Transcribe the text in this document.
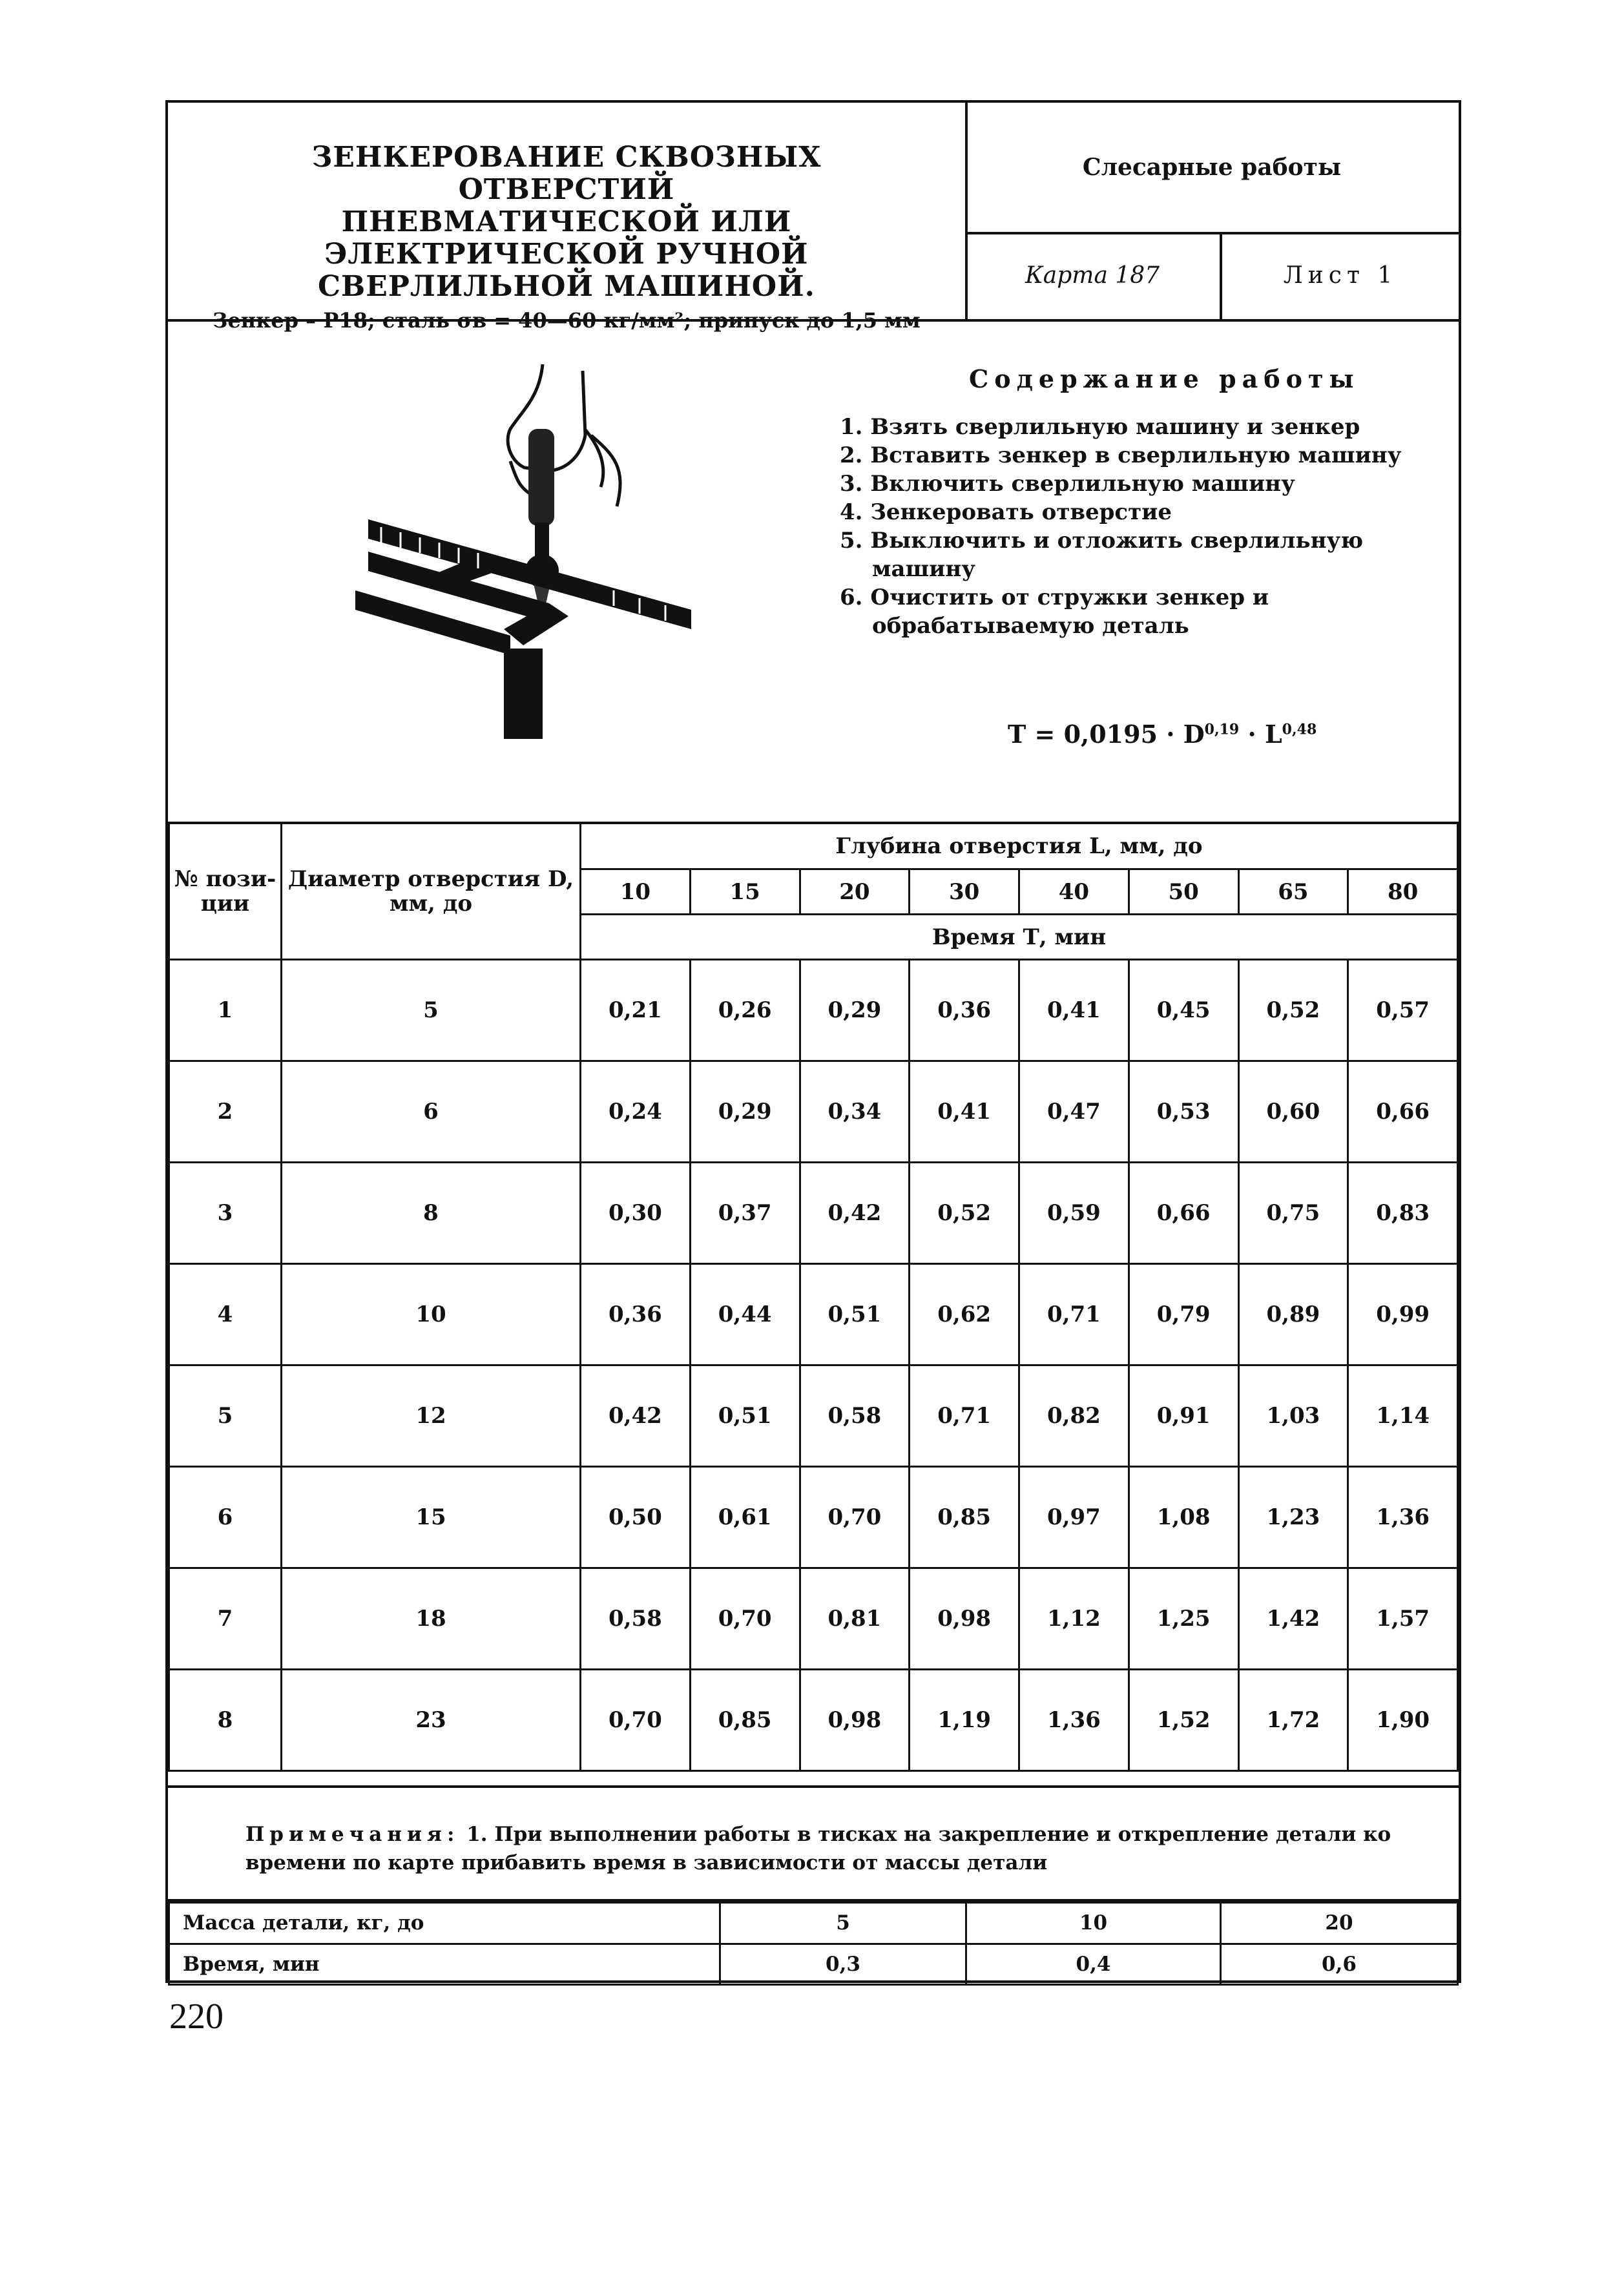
ЗЕНКЕРОВАНИЕ СКВОЗНЫХ ОТВЕРСТИЙ
ПНЕВМАТИЧЕСКОЙ ИЛИ ЭЛЕКТРИЧЕСКОЙ РУЧНОЙ
СВЕРЛИЛЬНОЙ МАШИНОЙ.
Зенкер – Р18; сталь σв = 40—60 кг/мм²; припуск до 1,5 мм
Слесарные работы
Карта 187	Лист 1
Содержание работы
1. Взять сверлильную машину и зенкер
2. Вставить зенкер в сверлильную машину
3. Включить сверлильную машину
4. Зенкеровать отверстие
5. Выключить и отложить сверлильную машину
6. Очистить от стружки зенкер и обрабатываемую деталь
T = 0,0195 · D$^{0,19}$ · L$^{0,48}$
№ пози- ции	Диаметр отверстия D, мм, до	Глубина отверстия L, мм, до							
		10	15	20	30	40	50	65	80
		Время Т, мин							
1	5	0,21	0,26	0,29	0,36	0,41	0,45	0,52	0,57
2	6	0,24	0,29	0,34	0,41	0,47	0,53	0,60	0,66
3	8	0,30	0,37	0,42	0,52	0,59	0,66	0,75	0,83
4	10	0,36	0,44	0,51	0,62	0,71	0,79	0,89	0,99
5	12	0,42	0,51	0,58	0,71	0,82	0,91	1,03	1,14
6	15	0,50	0,61	0,70	0,85	0,97	1,08	1,23	1,36
7	18	0,58	0,70	0,81	0,98	1,12	1,25	1,42	1,57
8	23	0,70	0,85	0,98	1,19	1,36	1,52	1,72	1,90
Примечания: 1. При выполнении работы в тисках на закрепление и открепление детали ко времени по карте прибавить время в зависимости от массы детали
Масса детали, кг, до	5	10	20
Время, мин	0,3	0,4	0,6
220
